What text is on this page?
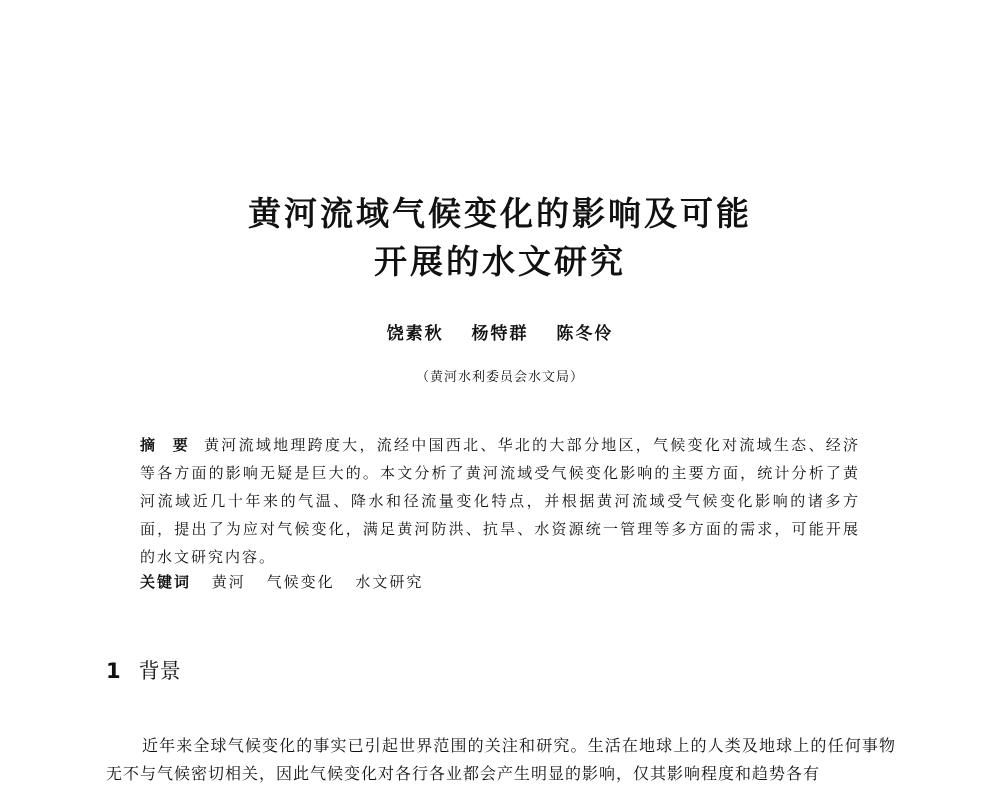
黄河流域气候变化的影响及可能
开展的水文研究
饶素秋 杨特群 陈冬伶
（黄河水利委员会水文局）
摘 要 黄河流域地理跨度大，流经中国西北、华北的大部分地区，气候变化对流域生态、经济等各方面的影响无疑是巨大的。本文分析了黄河流域受气候变化影响的主要方面，统计分析了黄河流域近几十年来的气温、降水和径流量变化特点，并根据黄河流域受气候变化影响的诸多方面，提出了为应对气候变化，满足黄河防洪、抗旱、水资源统一管理等多方面的需求，可能开展的水文研究内容。
关键词 黄河 气候变化 水文研究
1 背景

近年来全球气候变化的事实已引起世界范围的关注和研究。生活在地球上的人类及地球上的任何事物无不与气候密切相关，因此气候变化对各行各业都会产生明显的影响，仅其影响程度和趋势各有
